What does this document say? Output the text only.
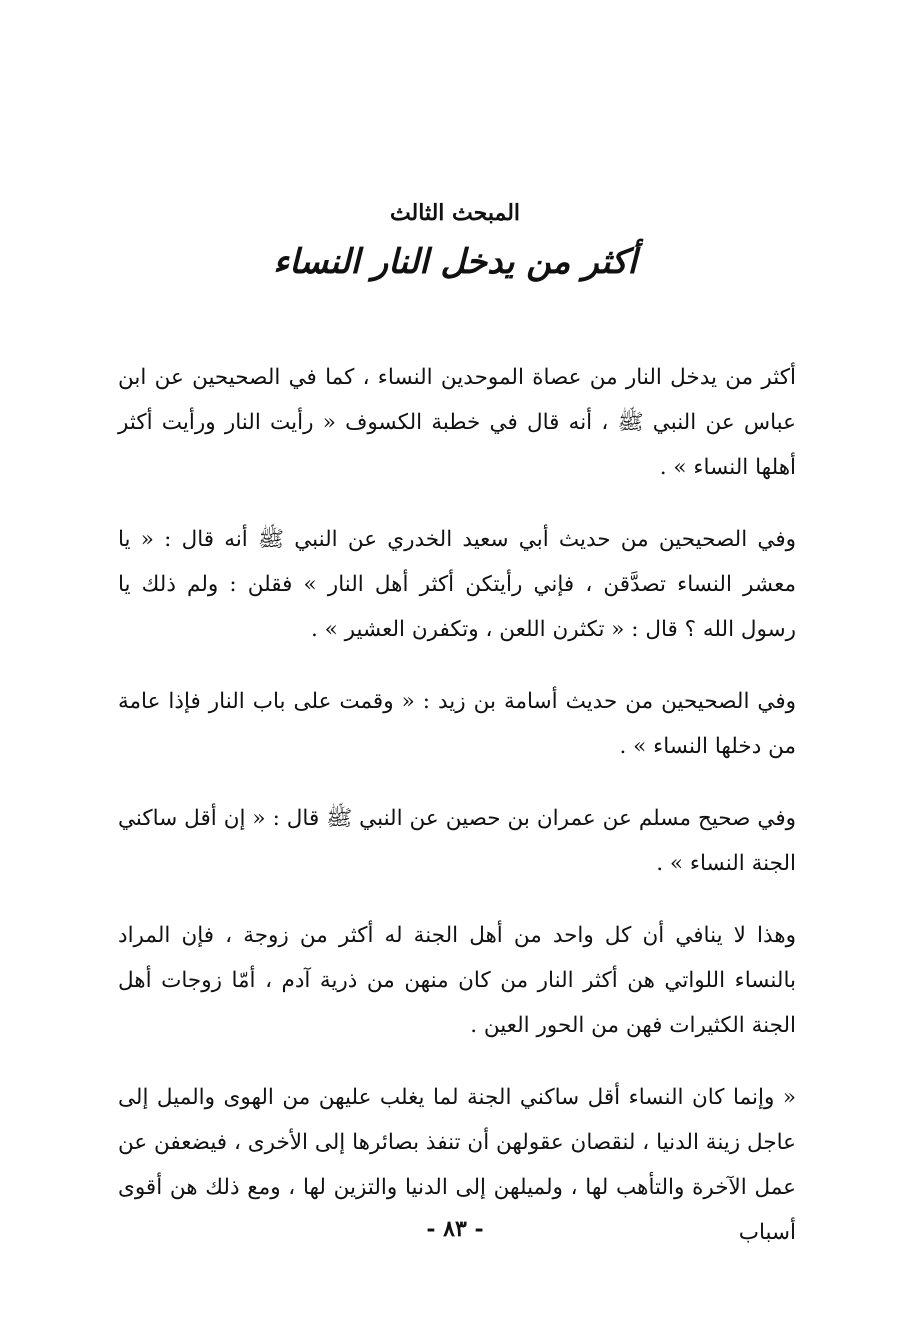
المبحث الثالث
أكثر من يدخل النار النساء

أكثر من يدخل النار من عصاة الموحدين النساء ، كما في الصحيحين عن ابن عباس عن النبي ﷺ ، أنه قال في خطبة الكسوف « رأيت النار ورأيت أكثر أهلها النساء » .

وفي الصحيحين من حديث أبي سعيد الخدري عن النبي ﷺ أنه قال : « يا معشر النساء تصدَّقن ، فإني رأيتكن أكثر أهل النار » فقلن : ولم ذلك يا رسول الله ؟ قال : « تكثرن اللعن ، وتكفرن العشير » .

وفي الصحيحين من حديث أسامة بن زيد : « وقمت على باب النار فإذا عامة من دخلها النساء » .

وفي صحيح مسلم عن عمران بن حصين عن النبي ﷺ قال : « إن أقل ساكني الجنة النساء » .

وهذا لا ينافي أن كل واحد من أهل الجنة له أكثر من زوجة ، فإن المراد بالنساء اللواتي هن أكثر النار من كان منهن من ذرية آدم ، أمّا زوجات أهل الجنة الكثيرات فهن من الحور العين .

« وإنما كان النساء أقل ساكني الجنة لما يغلب عليهن من الهوى والميل إلى عاجل زينة الدنيا ، لنقصان عقولهن أن تنفذ بصائرها إلى الأخرى ، فيضعفن عن عمل الآخرة والتأهب لها ، ولميلهن إلى الدنيا والتزين لها ، ومع ذلك هن أقوى أسباب

- ٨٣ -
